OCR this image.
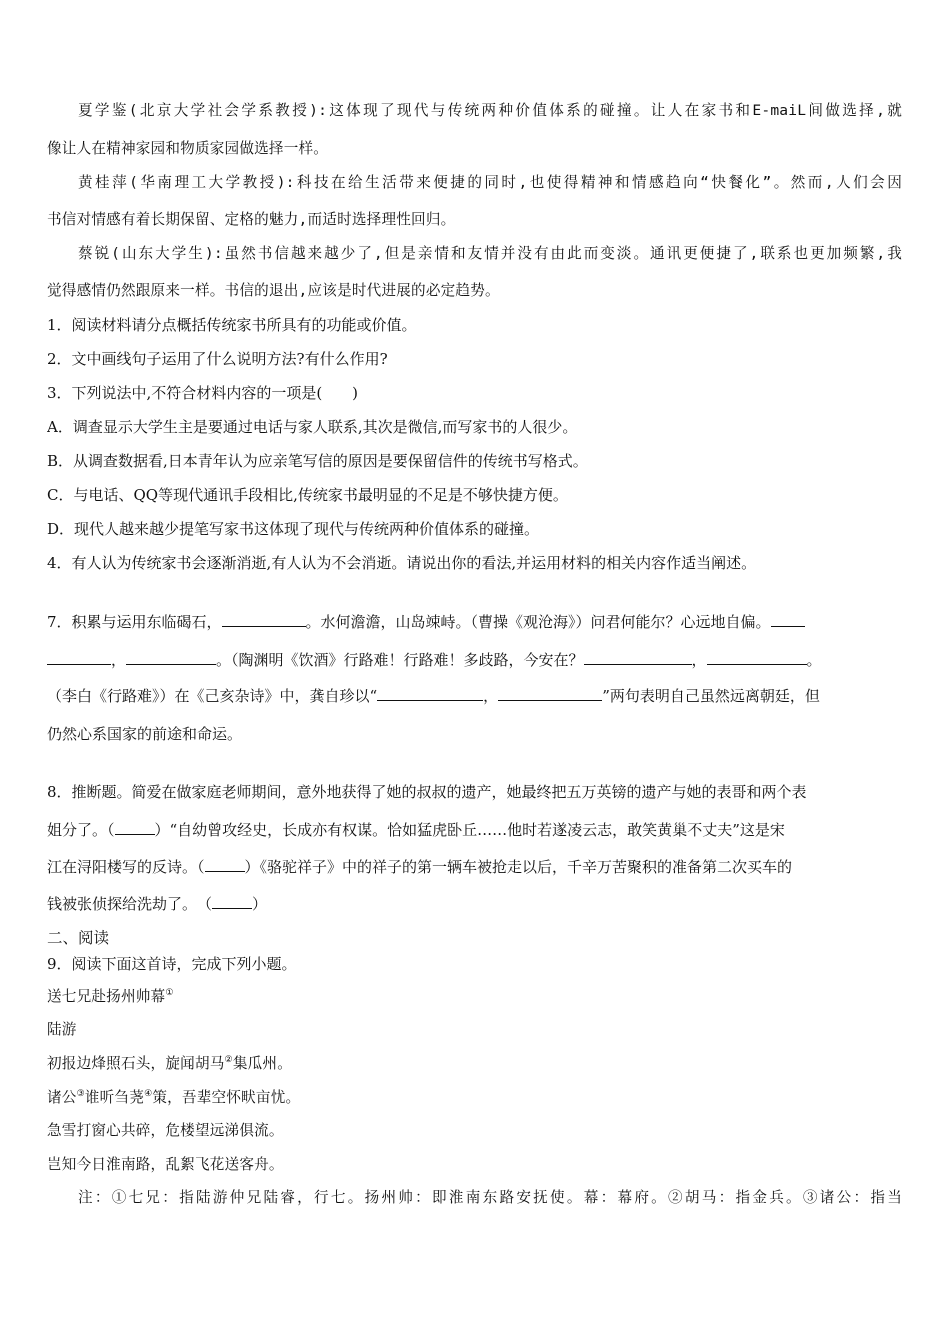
夏学鉴(北京大学社会学系教授):这体现了现代与传统两种价值体系的碰撞。让人在家书和E-maiL间做选择,就
像让人在精神家园和物质家园做选择一样。
黄桂萍(华南理工大学教授):科技在给生活带来便捷的同时,也使得精神和情感趋向“快餐化”。然而,人们会因
书信对情感有着长期保留、定格的魅力,而适时选择理性回归。
蔡锐(山东大学生):虽然书信越来越少了,但是亲情和友情并没有由此而变淡。通讯更便捷了,联系也更加频繁,我
觉得感情仍然跟原来一样。书信的退出,应该是时代进展的必定趋势。
1．阅读材料请分点概括传统家书所具有的功能或价值。
2．文中画线句子运用了什么说明方法?有什么作用?
3．下列说法中,不符合材料内容的一项是(　　)
A．调查显示大学生主是要通过电话与家人联系,其次是微信,而写家书的人很少。
B．从调查数据看,日本青年认为应亲笔写信的原因是要保留信件的传统书写格式。
C．与电话、QQ等现代通讯手段相比,传统家书最明显的不足是不够快捷方便。
D．现代人越来越少提笔写家书这体现了现代与传统两种价值体系的碰撞。
4．有人认为传统家书会逐渐消逝,有人认为不会消逝。请说出你的看法,并运用材料的相关内容作适当阐述。
7．积累与运用东临碣石，	。水何澹澹，山岛竦峙。（曹操《观沧海》）问君何能尔？心远地自偏。
，	。（陶渊明《饮酒》行路难！行路难！多歧路，今安在？	，	。
（李白《行路难》）在《己亥杂诗》中，龚自珍以“	，	”两句表明自己虽然远离朝廷，但
仍然心系国家的前途和命运。
8．推断题。简爱在做家庭老师期间，意外地获得了她的叔叔的遗产，她最终把五万英镑的遗产与她的表哥和两个表
姐分了。（	）“自幼曾攻经史，长成亦有权谋。恰如猛虎卧丘……他时若遂凌云志，敢笑黄巢不丈夫”这是宋
江在浔阳楼写的反诗。（	）《骆驼祥子》中的祥子的第一辆车被抢走以后，千辛万苦聚积的准备第二次买车的
钱被张侦探给洗劫了。　（	）
二、阅读
9．阅读下面这首诗，完成下列小题。
送七兄赴扬州帅幕①
陆游
初报边烽照石头，旋闻胡马②集瓜州。
诸公③谁听刍荛④策，吾辈空怀畎亩忧。
急雪打窗心共碎，危楼望远涕俱流。
岂知今日淮南路，乱絮飞花送客舟。
注：①七兄：指陆游仲兄陆睿，行七。扬州帅：即淮南东路安抚使。幕：幕府。②胡马：指金兵。③诸公：指当
